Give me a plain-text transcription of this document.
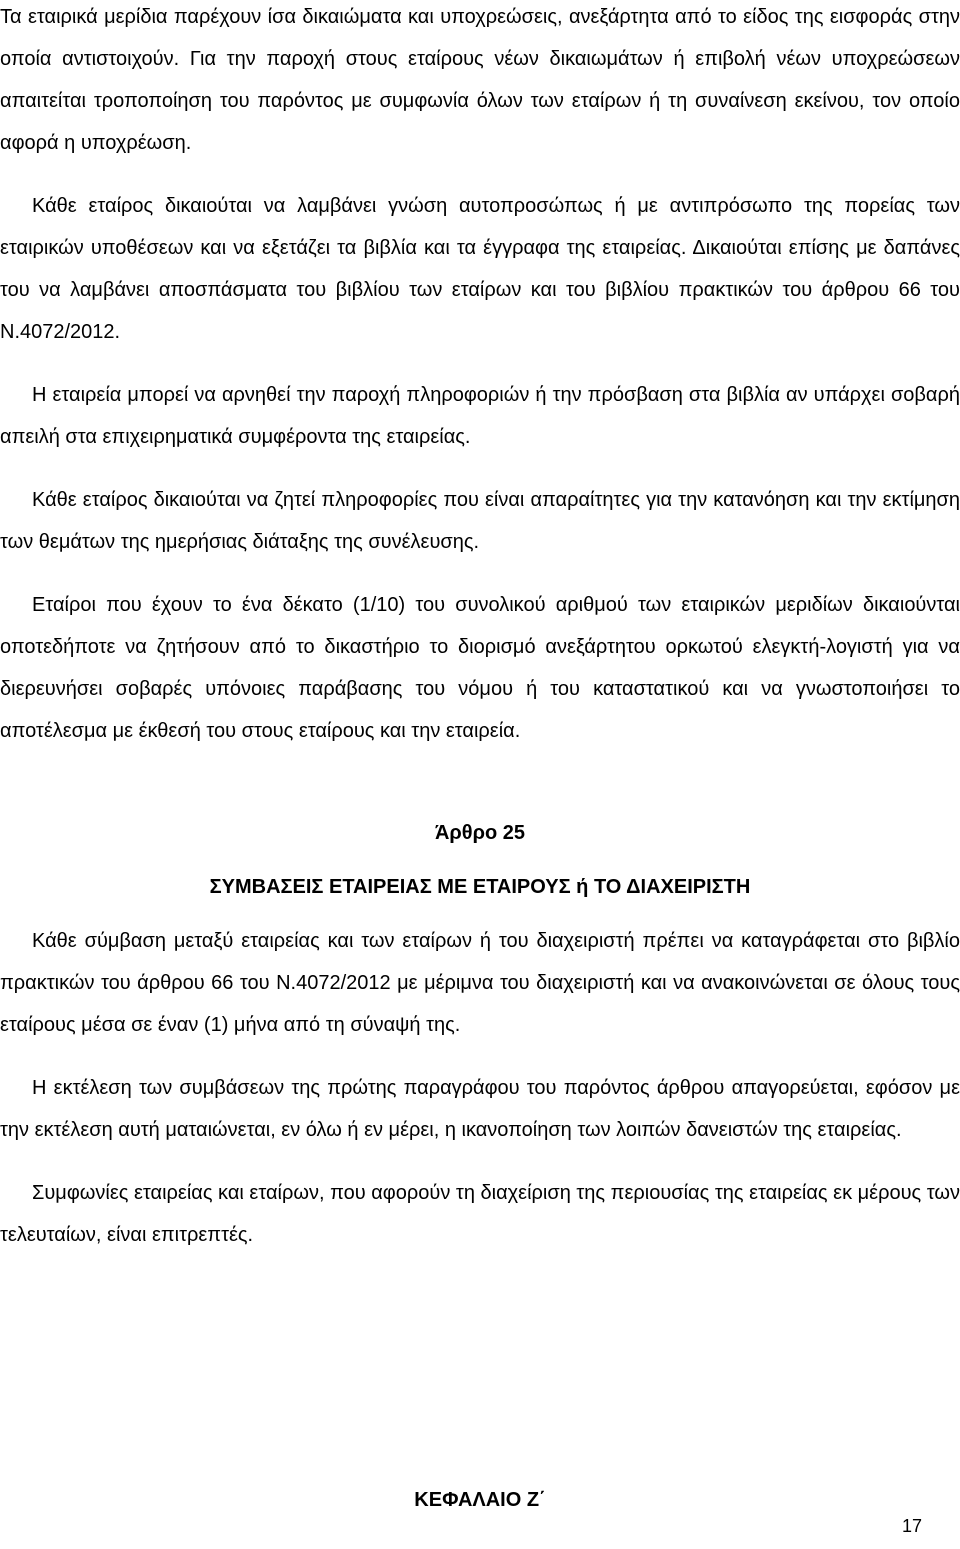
Τα εταιρικά μερίδια παρέχουν ίσα δικαιώματα και υποχρεώσεις, ανεξάρτητα από το είδος της εισφοράς στην οποία αντιστοιχούν. Για την παροχή στους εταίρους νέων δικαιωμάτων ή επιβολή νέων υποχρεώσεων απαιτείται τροποποίηση του παρόντος με συμφωνία όλων των εταίρων ή τη συναίνεση εκείνου, τον οποίο αφορά η υποχρέωση.

Κάθε εταίρος δικαιούται να λαμβάνει γνώση αυτοπροσώπως ή με αντιπρόσωπο της πορείας των εταιρικών υποθέσεων και να εξετάζει τα βιβλία και τα έγγραφα της εταιρείας. Δικαιούται επίσης με δαπάνες του να λαμβάνει αποσπάσματα του βιβλίου των εταίρων και του βιβλίου πρακτικών του άρθρου 66 του Ν.4072/2012.

Η εταιρεία μπορεί να αρνηθεί την παροχή πληροφοριών ή την πρόσβαση στα βιβλία αν υπάρχει σοβαρή απειλή στα επιχειρηματικά συμφέροντα της εταιρείας.

Κάθε εταίρος δικαιούται να ζητεί πληροφορίες που είναι απαραίτητες για την κατανόηση και την εκτίμηση των θεμάτων της ημερήσιας διάταξης της συνέλευσης.

Εταίροι που έχουν το ένα δέκατο (1/10) του συνολικού αριθμού των εταιρικών μεριδίων δικαιούνται οποτεδήποτε να ζητήσουν από το δικαστήριο το διορισμό ανεξάρτητου ορκωτού ελεγκτή-λογιστή για να διερευνήσει σοβαρές υπόνοιες παράβασης του νόμου ή του καταστατικού και να γνωστοποιήσει το αποτέλεσμα με έκθεσή του στους εταίρους και την εταιρεία.

Άρθρο 25
ΣΥΜΒΑΣΕΙΣ ΕΤΑΙΡΕΙΑΣ ΜΕ ΕΤΑΙΡΟΥΣ ή ΤΟ ΔΙΑΧΕΙΡΙΣΤΗ

Κάθε σύμβαση μεταξύ εταιρείας και των εταίρων ή του διαχειριστή πρέπει να καταγράφεται στο βιβλίο πρακτικών του άρθρου 66 του Ν.4072/2012 με μέριμνα του διαχειριστή και να ανακοινώνεται σε όλους τους εταίρους μέσα σε έναν (1) μήνα από τη σύναψή της.

Η εκτέλεση των συμβάσεων της πρώτης παραγράφου του παρόντος άρθρου απαγορεύεται, εφόσον με την εκτέλεση αυτή ματαιώνεται, εν όλω ή εν μέρει, η ικανοποίηση των λοιπών δανειστών της εταιρείας.

Συμφωνίες εταιρείας και εταίρων, που αφορούν τη διαχείριση της περιουσίας της εταιρείας εκ μέρους των τελευταίων, είναι επιτρεπτές.

ΚΕΦΑΛΑΙΟ Ζ΄
17
